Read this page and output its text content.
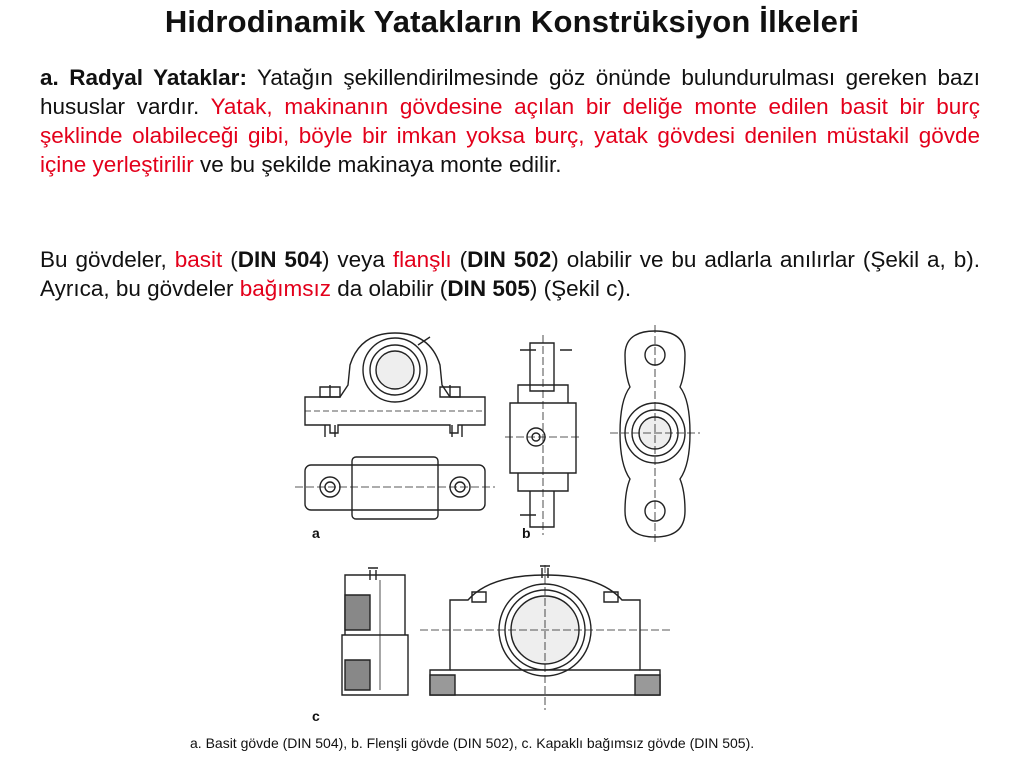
Hidrodinamik Yatakların Konstrüksiyon İlkeleri
a. Radyal Yataklar: Yatağın şekillendirilmesinde göz önünde bulundurulması gereken bazı hususlar vardır. Yatak, makinanın gövdesine açılan bir deliğe monte edilen basit bir burç şeklinde olabileceği gibi, böyle bir imkan yoksa burç, yatak gövdesi denilen müstakil gövde içine yerleştirilir ve bu şekilde makinaya monte edilir.
Bu gövdeler, basit (DIN 504) veya flanşlı (DIN 502) olabilir ve bu adlarla anılırlar (Şekil a, b). Ayrıca, bu gövdeler bağımsız da olabilir (DIN 505) (Şekil c).
a	b
c
a. Basit gövde (DIN 504), b. Flenşli gövde (DIN 502), c. Kapaklı bağımsız gövde (DIN 505).
